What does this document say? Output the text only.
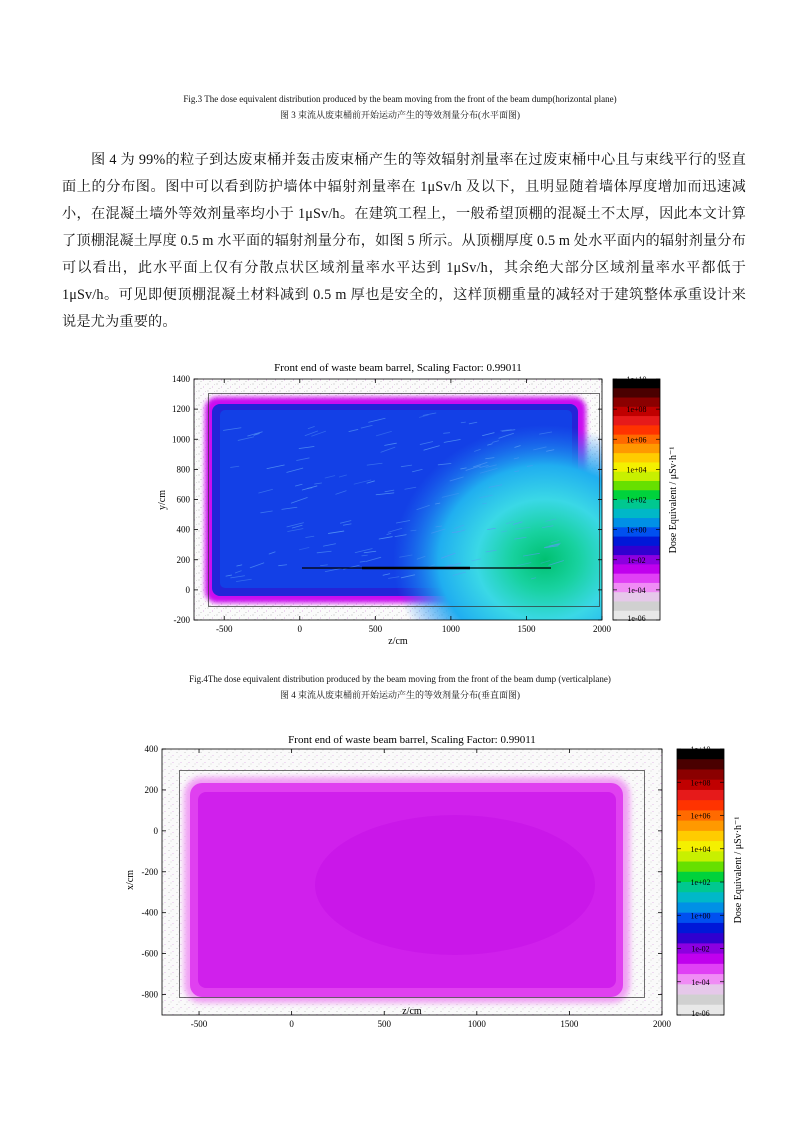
Fig.3 The dose equivalent distribution produced by the beam moving from the front of the beam dump(horizontal plane)
图 3 束流从废束桶前开始运动产生的等效剂量分布(水平面图)

图 4 为 99%的粒子到达废束桶并轰击废束桶产生的等效辐射剂量率在过废束桶中心且与束线平行的竖直面上的分布图。图中可以看到防护墙体中辐射剂量率在 1μSv/h 及以下，且明显随着墙体厚度增加而迅速减小，在混凝土墙外等效剂量率均小于 1μSv/h。在建筑工程上，一般希望顶棚的混凝土不太厚，因此本文计算了顶棚混凝土厚度 0.5 m 水平面的辐射剂量分布，如图 5 所示。从顶棚厚度 0.5 m 处水平面内的辐射剂量分布可以看出，此水平面上仅有分散点状区域剂量率水平达到 1μSv/h，其余绝大部分区域剂量率水平都低于 1μSv/h。可见即便顶棚混凝土材料减到 0.5 m 厚也是安全的，这样顶棚重量的减轻对于建筑整体承重设计来说是尤为重要的。

Front end of waste beam barrel, Scaling Factor: 0.99011
-200
0
200
400
600
800
1000
1200
1400
-500	0	500	1000	1500	2000
y/cm
z/cm
1e+10
1e+08
1e+06
1e+04
1e+02
1e+00
1e-02
1e-04
1e-06
Dose Equivalent / μSv·h⁻¹
Fig.4The dose equivalent distribution produced by the beam moving from the front of the beam dump (verticalplane)
图 4 束流从废束桶前开始运动产生的等效剂量分布(垂直面图)
Front end of waste beam barrel, Scaling Factor: 0.99011
-800
-600
-400
-200
0
200
400
-500	0	500	1000	1500	2000
x/cm
z/cm
1e+10
1e+08
1e+06
1e+04
1e+02
1e+00
1e-02
1e-04
1e-06
Dose Equivalent / μSv·h⁻¹
